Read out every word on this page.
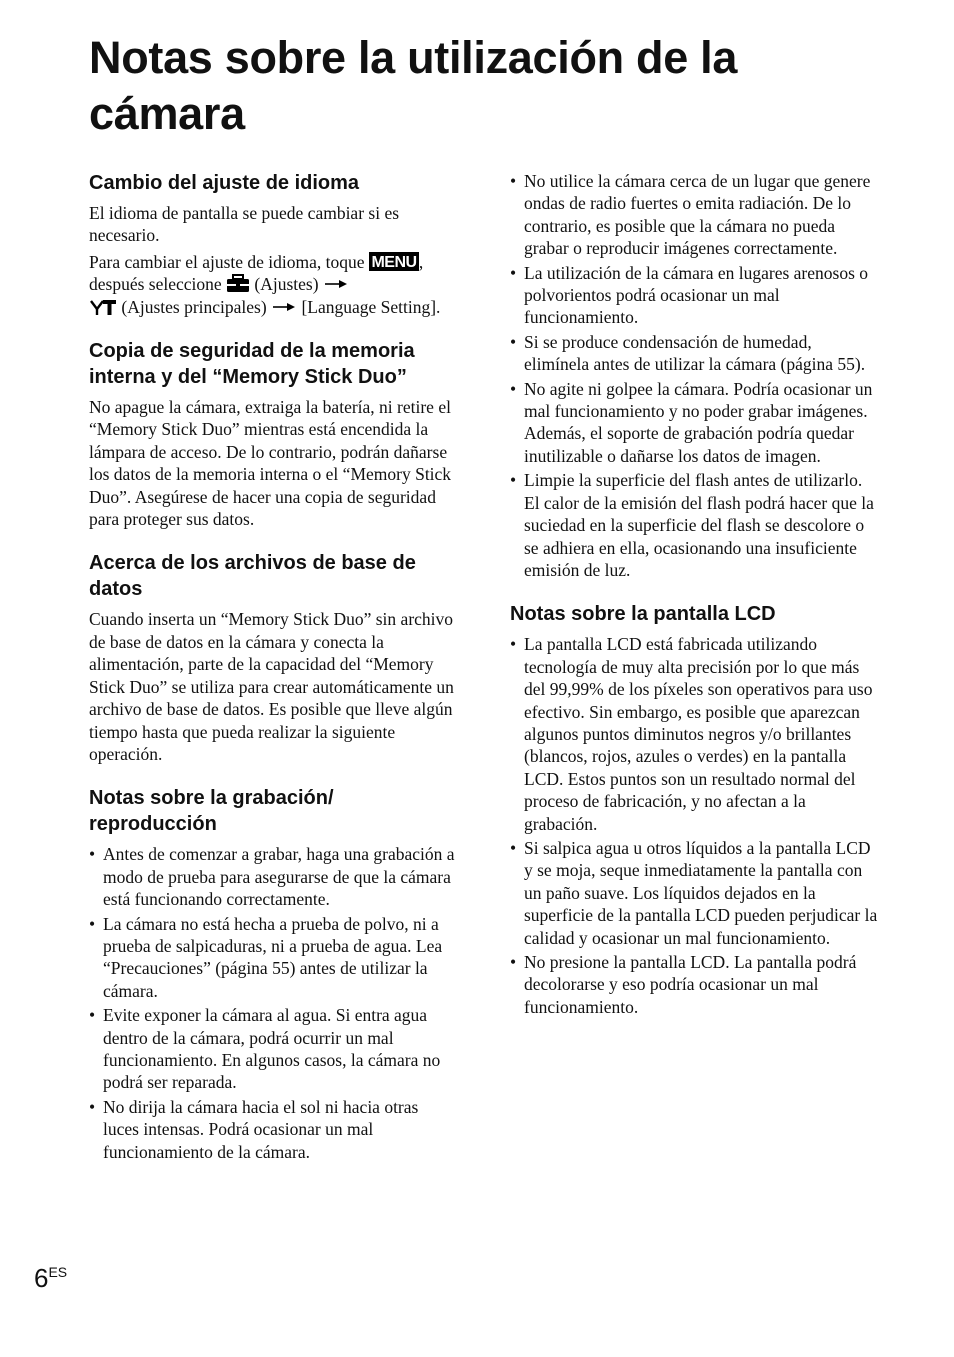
Notas sobre la utilización de la cámara
Cambio del ajuste de idioma

El idioma de pantalla se puede cambiar si es necesario.

Para cambiar el ajuste de idioma, toque MENU , después seleccione (Ajustes)
(Ajustes principales) [Language Setting].

Copia de seguridad de la memoria interna y del “Memory Stick Duo”

No apague la cámara, extraiga la batería, ni retire el “Memory Stick Duo” mientras está encendida la lámpara de acceso. De lo contrario, podrán dañarse los datos de la memoria interna o el “Memory Stick Duo”. Asegúrese de hacer una copia de seguridad para proteger sus datos.

Acerca de los archivos de base de datos

Cuando inserta un “Memory Stick Duo” sin archivo de base de datos en la cámara y conecta la alimentación, parte de la capacidad del “Memory Stick Duo” se utiliza para crear automáticamente un archivo de base de datos. Es posible que lleve algún tiempo hasta que pueda realizar la siguiente operación.

Notas sobre la grabación/ reproducción
• Antes de comenzar a grabar, haga una grabación a modo de prueba para asegurarse de que la cámara está funcionando correctamente.
• La cámara no está hecha a prueba de polvo, ni a prueba de salpicaduras, ni a prueba de agua. Lea “Precauciones” (página 55) antes de utilizar la cámara.
• Evite exponer la cámara al agua. Si entra agua dentro de la cámara, podrá ocurrir un mal funcionamiento. En algunos casos, la cámara no podrá ser reparada.
• No dirija la cámara hacia el sol ni hacia otras luces intensas. Podrá ocasionar un mal funcionamiento de la cámara.
• No utilice la cámara cerca de un lugar que genere ondas de radio fuertes o emita radiación. De lo contrario, es posible que la cámara no pueda grabar o reproducir imágenes correctamente.
• La utilización de la cámara en lugares arenosos o polvorientos podrá ocasionar un mal funcionamiento.
• Si se produce condensación de humedad, elimínela antes de utilizar la cámara (página 55).
• No agite ni golpee la cámara. Podría ocasionar un mal funcionamiento y no poder grabar imágenes. Además, el soporte de grabación podría quedar inutilizable o dañarse los datos de imagen.
• Limpie la superficie del flash antes de utilizarlo. El calor de la emisión del flash podrá hacer que la suciedad en la superficie del flash se descolore o se adhiera en ella, ocasionando una insuficiente emisión de luz.
Notas sobre la pantalla LCD
• La pantalla LCD está fabricada utilizando tecnología de muy alta precisión por lo que más del 99,99% de los píxeles son operativos para uso efectivo. Sin embargo, es posible que aparezcan algunos puntos diminutos negros y/o brillantes (blancos, rojos, azules o verdes) en la pantalla LCD. Estos puntos son un resultado normal del proceso de fabricación, y no afectan a la grabación.
• Si salpica agua u otros líquidos a la pantalla LCD y se moja, seque inmediatamente la pantalla con un paño suave. Los líquidos dejados en la superficie de la pantalla LCD pueden perjudicar la calidad y ocasionar un mal funcionamiento.
• No presione la pantalla LCD. La pantalla podrá decolorarse y eso podría ocasionar un mal funcionamiento.
6ES
